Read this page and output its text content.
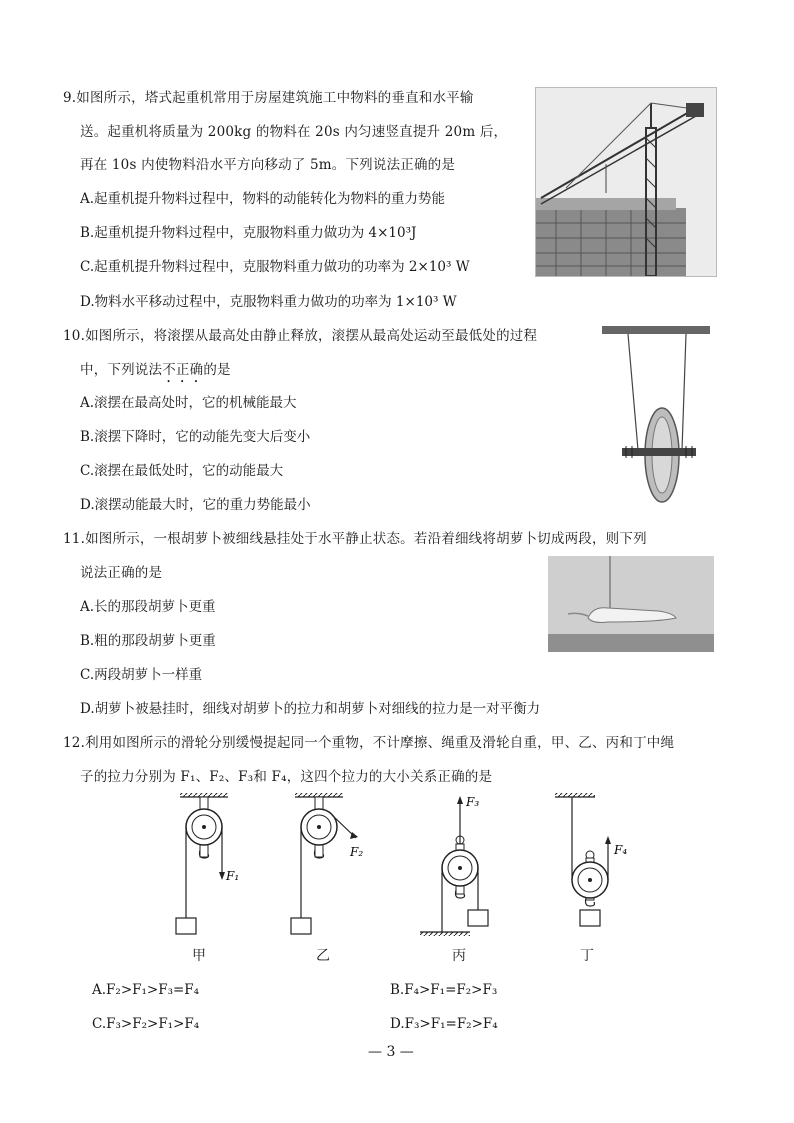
9.如图所示，塔式起重机常用于房屋建筑施工中物料的垂直和水平输
送。起重机将质量为 200kg 的物料在 20s 内匀速竖直提升 20m 后，
再在 10s 内使物料沿水平方向移动了 5m。下列说法正确的是
A.起重机提升物料过程中，物料的动能转化为物料的重力势能
B.起重机提升物料过程中，克服物料重力做功为 4×10³J
C.起重机提升物料过程中，克服物料重力做功的功率为 2×10³ W
D.物料水平移动过程中，克服物料重力做功的功率为 1×10³ W
10.如图所示，将滚摆从最高处由静止释放，滚摆从最高处运动至最低处的过程
中，下列说法不正确的是
A.滚摆在最高处时，它的机械能最大
B.滚摆下降时，它的动能先变大后变小
C.滚摆在最低处时，它的动能最大
D.滚摆动能最大时，它的重力势能最小
11.如图所示，一根胡萝卜被细线悬挂处于水平静止状态。若沿着细线将胡萝卜切成两段，则下列
说法正确的是
A.长的那段胡萝卜更重
B.粗的那段胡萝卜更重
C.两段胡萝卜一样重
D.胡萝卜被悬挂时，细线对胡萝卜的拉力和胡萝卜对细线的拉力是一对平衡力
12.利用如图所示的滑轮分别缓慢提起同一个重物，不计摩擦、绳重及滑轮自重，甲、乙、丙和丁中绳
子的拉力分别为 F₁、F₂、F₃和 F₄，这四个拉力的大小关系正确的是
F₁
F₂
F₃
F₄
甲	乙	丙	丁
A.F₂>F₁>F₃=F₄	B.F₄>F₁=F₂>F₃
C.F₃>F₂>F₁>F₄	D.F₃>F₁=F₂>F₄
— 3 —
